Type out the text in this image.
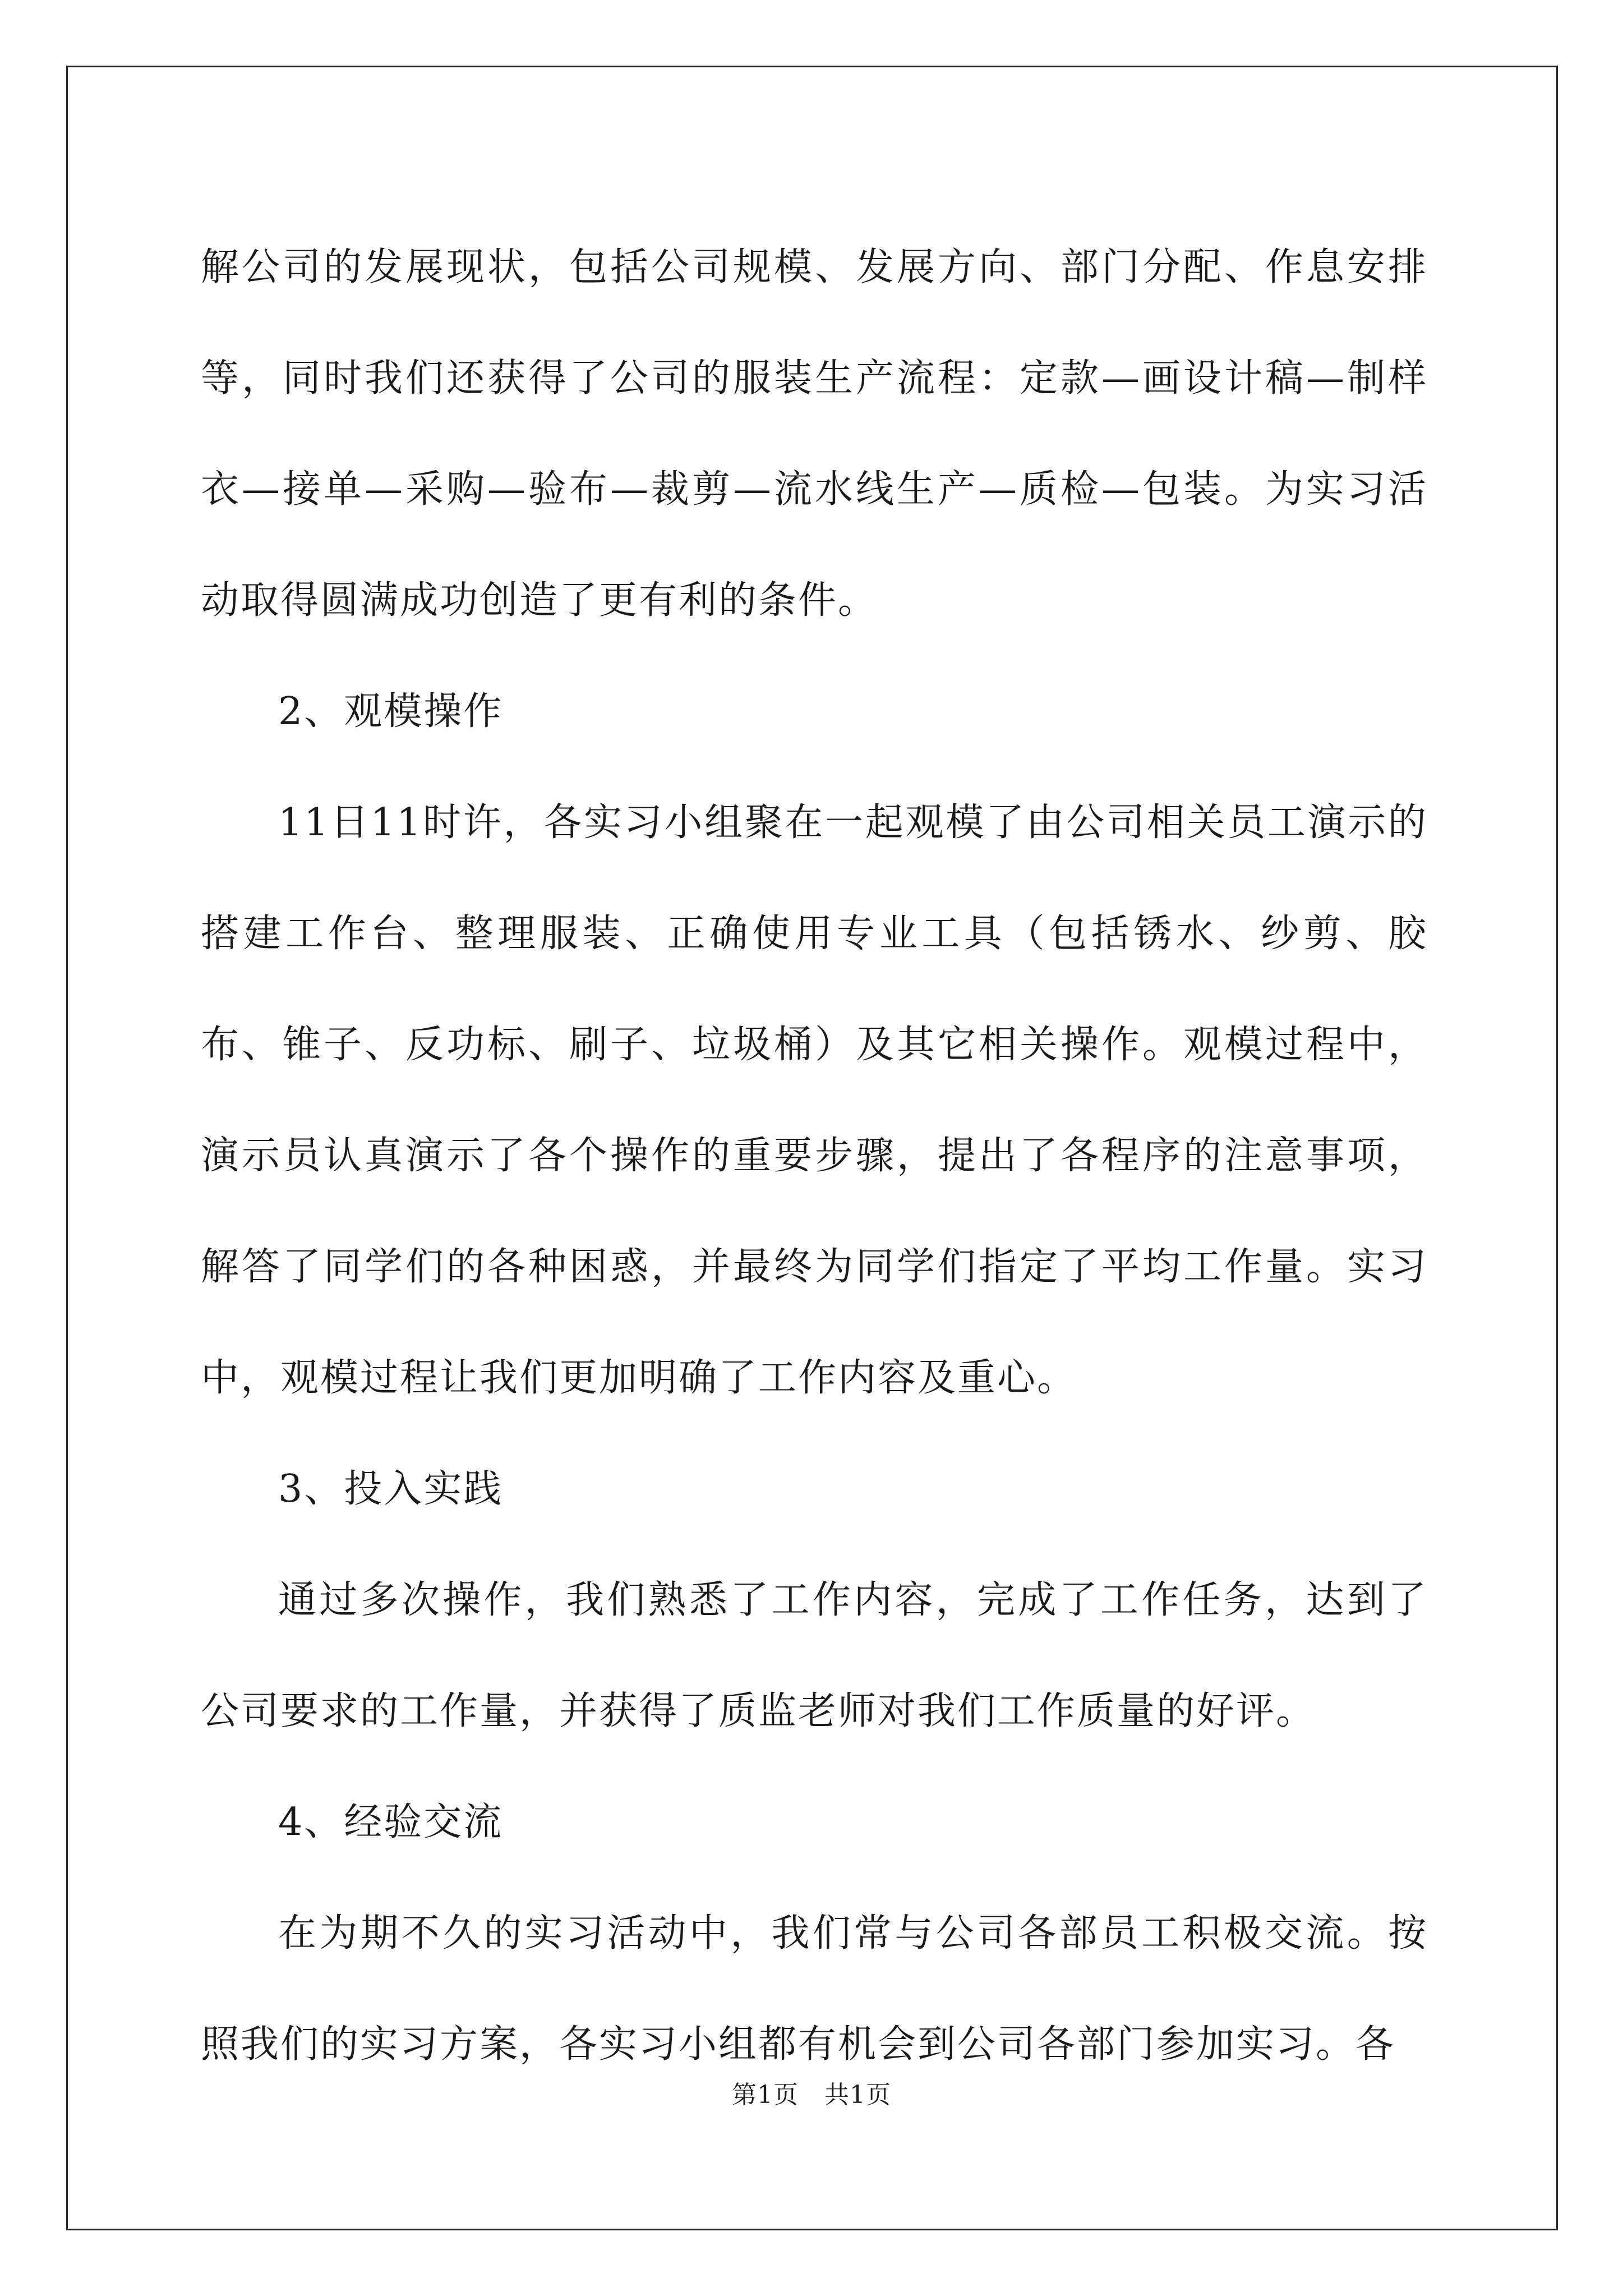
解公司的发展现状，包括公司规模、发展方向、部门分配、作息安排等，同时我们还获得了公司的服装生产流程：定款—画设计稿—制样衣—接单—采购—验布—裁剪—流水线生产—质检—包装。为实习活动取得圆满成功创造了更有利的条件。

2、观模操作

11日11时许，各实习小组聚在一起观模了由公司相关员工演示的搭建工作台、整理服装、正确使用专业工具（包括锈水、纱剪、胶布、锥子、反功标、刷子、垃圾桶）及其它相关操作。观模过程中，演示员认真演示了各个操作的重要步骤，提出了各程序的注意事项，解答了同学们的各种困惑，并最终为同学们指定了平均工作量。实习中，观模过程让我们更加明确了工作内容及重心。

3、投入实践

通过多次操作，我们熟悉了工作内容，完成了工作任务，达到了公司要求的工作量，并获得了质监老师对我们工作质量的好评。

4、经验交流

在为期不久的实习活动中，我们常与公司各部员工积极交流。按照我们的实习方案，各实习小组都有机会到公司各部门参加实习。各

第1页 共1页
